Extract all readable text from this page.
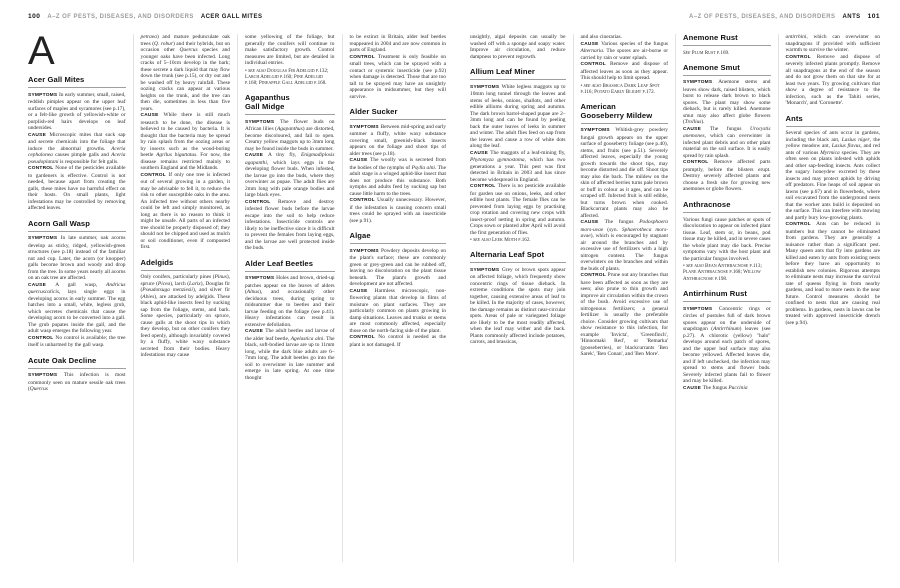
100 A–Z OF PESTS, DISEASES, AND DISORDERS ACER GALL MITES
A
Acer Gall Mites

SYMPTOMS In early summer, small, raised, reddish pimples appear on the upper leaf surfaces of maples and sycamores (see p.17), or a felt-like growth of yellowish-white or purplish-red hairs develops on leaf undersides.

CAUSE Microscopic mites that suck sap and secrete chemicals into the foliage that induce the abnormal growths. Aceria cephalonea causes pimple galls and Aceria pseudoplatani is responsible for felt galls.

CONTROL None of the pesticides available to gardeners is effective. Control is not needed, because apart from creating the galls, these mites have no harmful effect on their hosts. On small plants, light infestations may be controlled by removing affected leaves.

Acorn Gall Wasp

SYMPTOMS In late summer, oak acorns develop as sticky, ridged, yellowish-green structures (see p.18) instead of the familiar nut and cup. Later, the acorn (or knopper) galls become brown and woody and drop from the tree. In some years nearly all acorns on an oak tree are affected.

CAUSE A gall wasp, Andricus quercuscalicis, lays single eggs in developing acorns in early summer. The egg hatches into a small, white, legless grub, which secretes chemicals that cause the developing acorn to be converted into a gall. The grub pupates inside the gall, and the adult wasp emerges the following year.

CONTROL No control is available; the tree itself is unharmed by the gall wasp.

Acute Oak Decline

SYMPTOMS This infection is most commonly seen on mature sessile oak trees (Quercus

petraea) and mature pedunculate oak trees (Q. robur) and their hybrids, but on occasion other Quercus species and younger oaks have been infected. Long cracks of 5–10cm develop in the bark; these secrete a dark liquid that may flow down the trunk (see p.15), or dry out and be washed off by heavy rainfall. These oozing cracks can appear at various heights on the trunk, and the tree can then die, sometimes in less than five years.

CAUSE While there is still much research to be done, the disease is believed to be caused by bacteria. It is thought that the bacteria may be spread by rain splash from the oozing areas or by insects such as the wood-boring beetle Agrilus biguttatus. For now, the disease remains restricted mainly to southern England and the Midlands.

CONTROL If only one tree is infected out of several growing in a garden, it may be advisable to fell it, to reduce the risk to other susceptible oaks in the area. An infected tree without others nearby could be left and simply monitored, as long as there is no reason to think it might be unsafe. All parts of an infected tree should be properly disposed of; they should not be chipped and used as mulch or soil conditioner, even if composted first.

Adelgids

Only conifers, particularly pines (Pinus), spruce (Picea), larch (Larix), Douglas fir (Pseudotsuga menziesii), and silver fir (Abies), are attacked by adelgids. These black aphid-like insects feed by sucking sap from the foliage, stems, and bark. Some species, particularly on spruce, cause galls at the shoot tips in which they develop, but on other conifers they feed openly, although invariably covered by a fluffy, white waxy substance secreted from their bodies. Heavy infestations may cause

some yellowing of the foliage, but generally the conifers will continue to make satisfactory growth. Control measures are limited, but are detailed in individual entries.

• see also Douglas Fir Adelgid p.132; Larch Adelgid p.160; Pine Adelgid p.168; Pineapple Gall Adelgid p.168.

Agapanthus
Gall Midge

SYMPTOMS The flower buds on African lilies (Agapanthus) are distorted, become discoloured, and fail to open. Creamy yellow maggots up to 3mm long may be found inside the buds in summer.

CAUSE A tiny fly, Enigmadiplosis agapanthi, which lays eggs in the developing flower buds. When infested, the larvae go into the buds, where they overwinter as pupae. The adult flies are 2mm long with pale orange bodies and large black eyes.

CONTROL Remove and destroy infested flower buds before the larvae escape into the soil to help reduce infestations. Insecticide controls are likely to be ineffective since it is difficult to prevent the females from laying eggs, and the larvae are well protected inside the buds.

Alder Leaf Beetles

SYMPTOMS Holes and brown, dried-up patches appear on the leaves of alders (Alnus), and occasionally other deciduous trees, during spring to midsummer due to beetles and their larvae feeding on the foliage (see p.41). Heavy infestations can result in extensive defoliation.

CAUSE The adult beetles and larvae of the alder leaf beetle, Agelastica alni. The black, soft-bodied larvae are up to 11mm long, while the dark blue adults are 6–7mm long. The adult beetles go into the soil to overwinter in late summer and emerge in late spring. At one time thought

to be extinct in Britain, alder leaf beetles reappeared in 2004 and are now common in parts of England.

CONTROL Treatment is only feasible on small trees, which can be sprayed with a contact or systemic insecticide (see p.92) when damage is detected. Those that are too tall to be sprayed may have an unsightly appearance in midsummer, but they will survive.

Alder Sucker

SYMPTOMS Between mid-spring and early summer a fluffy, white waxy substance covering small, greenish-black insects appears on the foliage and shoot tips of alder trees (see p.18).

CAUSE The woolly wax is secreted from the bodies of the nymphs of Psylla alni. The adult stage is a winged aphid-like insect that does not produce this substance. Both nymphs and adults feed by sucking sap but cause little harm to the trees.

CONTROL Usually unnecessary. However, if the infestation is causing concern small trees could be sprayed with an insecticide (see p.91).

Algae

SYMPTOMS Powdery deposits develop on the plant's surface; these are commonly green or grey-green and can be rubbed off, leaving no discoloration on the plant tissue beneath. The plant's growth and development are not affected.

CAUSE Harmless microscopic, non-flowering plants that develop in films of moisture on plant surfaces. They are particularly common on plants growing in damp situations. Leaves and trunks or stems are most commonly affected, especially those on the north-facing side of the plant.

CONTROL No control is needed as the plant is not damaged. If

A–Z OF PESTS, DISEASES, AND DISORDERS ANTS 101

unsightly, algal deposits can usually be washed off with a sponge and soapy water. Improve air circulation, and reduce dampness to prevent regrowth.

Allium Leaf Miner

SYMPTOMS White legless maggots up to 10mm long tunnel through the leaves and stems of leeks, onions, shallots, and other edible alliums during spring and autumn. The dark brown barrel-shaped pupae are 2–3mm long and can be found by peeling back the outer leaves of leeks in summer and winter. The adult flies feed on sap from the leaves and cause a row of white dots along the leaf.

CAUSE The maggots of a leaf-mining fly, Phytomyza gymnostoma, which has two generations a year. This pest was first detected in Britain in 2003 and has since become widespread in England.

CONTROL There is no pesticide available for garden use on onions, leeks, and other edible host plants. The female flies can be prevented from laying eggs by practising crop rotation and covering new crops with insect-proof netting in spring and autumn. Crops sown or planted after April will avoid the first generation of flies.

• see also Leek Moth p.162.

Alternaria Leaf Spot

SYMPTOMS Grey or brown spots appear on affected foliage, which frequently show concentric rings of tissue dieback. In extreme conditions the spots may join together, causing extensive areas of leaf to be killed. In the majority of cases, however, the damage remains as distinct near-circular spots. Areas of pale or variegated foliage are likely to be the most readily affected, when the leaf may wither and die back. Plants commonly affected include potatoes, carrots, and brassicas,

and also cinerarias.

CAUSE Various species of the fungus Alternaria. The spores are air-borne or carried by rain or water splash.

CONTROL Remove and dispose of affected leaves as soon as they appear. This should help to limit spread.

• see also Brassica Dark Leaf Spot p.116; Potato Early Blight p.172.

American
Gooseberry Mildew

SYMPTOMS Whitish-grey powdery fungal growth appears on the upper surface of gooseberry foliage (see p.40), stems, and fruits (see p.51). Severely affected leaves, especially the young growth towards the shoot tips, may become distorted and die off. Shoot tips may also die back. The mildew on the skin of affected berries turns pale brown or buff in colour as it ages, and can be scraped off. Infected fruit is still edible, but turns brown when cooked. Blackcurrant plants may also be affected.

CAUSE The fungus Podosphaera mors-uvae (syn. Sphaerotheca mors-uvae), which is encouraged by stagnant air around the branches and by excessive use of fertilizers with a high nitrogen content. The fungus overwinters on the branches and within the buds of plants.

CONTROL Prune out any branches that have been affected as soon as they are seen; also prune to thin growth and improve air circulation within the crown of the bush. Avoid excessive use of nitrogenous fertilizers; a general fertilizer is usually the preferable choice. Consider growing cultivars that show resistance to this infection, for example 'Invicta', 'Greenfinch', 'Hinnomaki Red', or 'Remarka' (gooseberries), or blackcurrants 'Ben Sarek', 'Ben Conan', and 'Ben More'.

Anemone Rust

See Plum Rust p.169.

Anemone Smut

SYMPTOMS Anemone stems and leaves show dark, raised blisters, which burst to release dark brown to black spores. The plant may show some dieback, but is rarely killed. Anemone smut may also affect globe flowers (Trollius).

CAUSE The fungus Urocystis anemones, which can overwinter in infected plant debris and on other plant material on the soil surface. It is easily spread by rain splash.

CONTROL Remove affected parts promptly, before the blisters erupt. Destroy severely affected plants and choose a fresh site for growing new anemones or globe flowers.

Anthracnose

Various fungi cause patches or spots of discoloration to appear on infected plant tissue. Leaf, stem or, in beans, pod tissue may be killed, and in severe cases the whole plant may die back. Precise symptoms vary with the host plant and the particular fungus involved.

• see also Bean Anthracnose p.113; Plane Anthracnose p.168; Willow Anthracnose p.198.

Antirrhinum Rust

SYMPTOMS Concentric rings or circles of pustules full of dark brown spores appear on the underside of snapdragon (Antirrhinum) leaves (see p.27). A chlorotic (yellow) "halo" develops around each patch of spores, and the upper leaf surface may also become yellowed. Affected leaves die, and if left unchecked, the infection may spread to stems and flower buds. Severely infected plants fail to flower and may be killed.

CAUSE The fungus Puccinia

antirrhini, which can overwinter on snapdragons if provided with sufficient warmth to survive the winter.

CONTROL Remove and dispose of severely infected plants promptly. Remove all snapdragons at the end of the season and do not grow them on that site for at least two years. Try growing cultivars that show a degree of resistance to the infection, such as the Tahiti series, 'Monarch', and 'Coronette'.

Ants

Several species of ants occur in gardens, including the black ant, Lasius niger, the yellow meadow ant, Lasius flavus, and red ants of various Myrmica species. They are often seen on plants infested with aphids and other sap-feeding insects. Ants collect the sugary honeydew excreted by these insects and may protect aphids by driving off predators. Fine heaps of soil appear on lawns (see p.67) and in flowerbeds, where soil excavated from the underground nests that the worker ants build is deposited on the surface. This can interfere with mowing and partly bury low-growing plants.

CONTROL Ants can be reduced in numbers but they cannot be eliminated from gardens. They are generally a nuisance rather than a significant pest. Many queen ants that fly into gardens are killed and eaten by ants from existing nests before they have an opportunity to establish new colonies. Rigorous attempts to eliminate nests may increase the survival rate of queens flying in from nearby gardens, and lead to more nests in the near future. Control measures should be confined to nests that are causing real problems. In gardens, nests in lawns can be treated with approved insecticide drench (see p.94).
